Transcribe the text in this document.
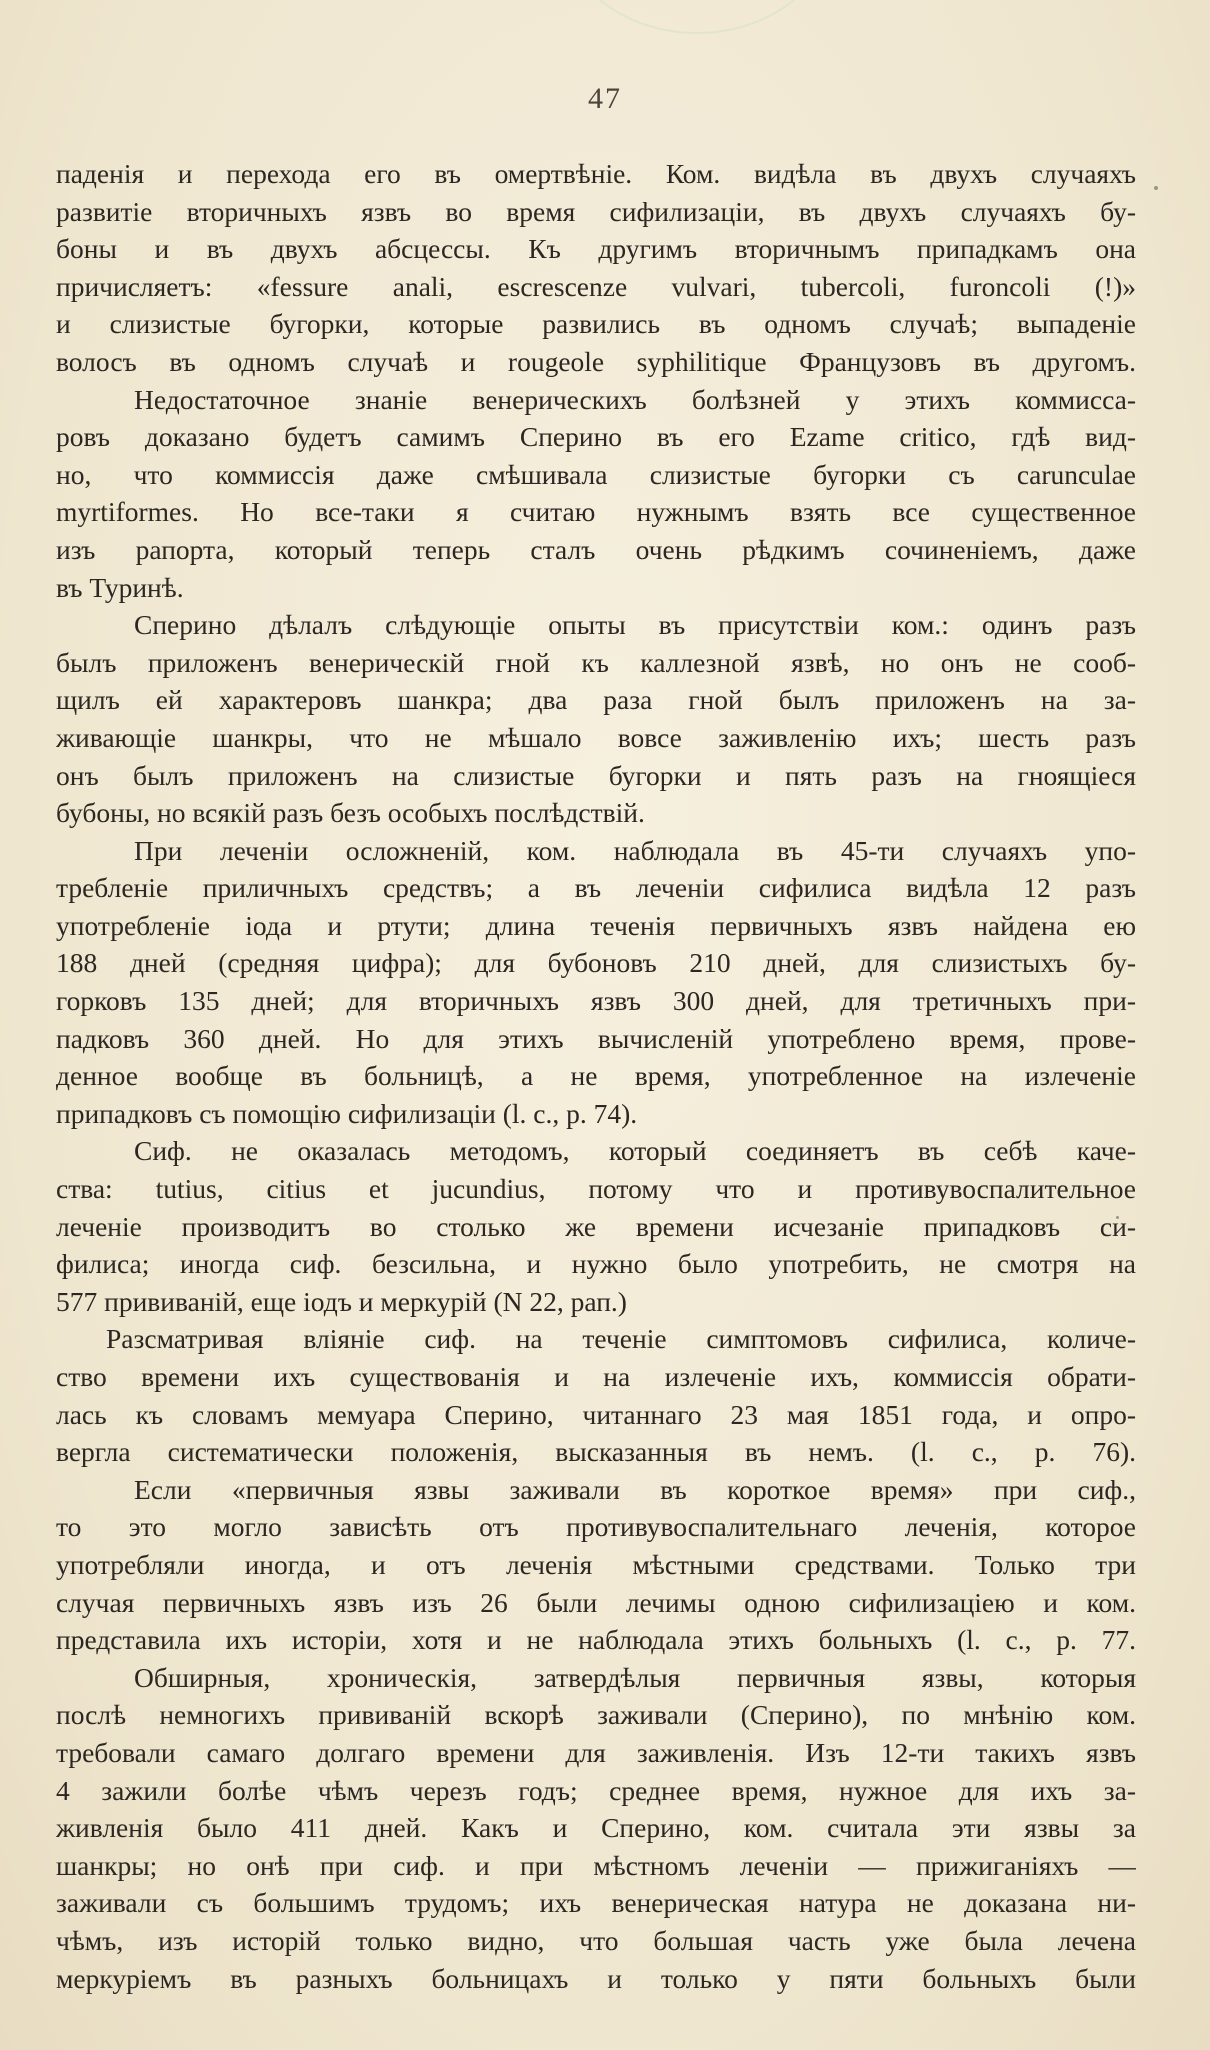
47
паденія и перехода его въ омертвѣніе. Ком. видѣла въ двухъ случаяхъ
развитіе вторичныхъ язвъ во время сифилизаціи, въ двухъ случаяхъ бу-
боны и въ двухъ абсцессы. Къ другимъ вторичнымъ припадкамъ она
причисляетъ: «fessure anali, escrescenze vulvari, tubercoli, furoncoli (!)»
и слизистые бугорки, которые развились въ одномъ случаѣ; выпаденіе
волосъ въ одномъ случаѣ и rougeole syphilitique Французовъ въ другомъ.
Недостаточное знаніе венерическихъ болѣзней у этихъ коммисса-
ровъ доказано будетъ самимъ Сперино въ его Ezame critico, гдѣ вид-
но, что коммиссія даже смѣшивала слизистые бугорки съ carunculae
myrtiformes. Но все-таки я считаю нужнымъ взять все существенное
изъ рапорта, который теперь сталъ очень рѣдкимъ сочиненіемъ, даже
въ Туринѣ.
Сперино дѣлалъ слѣдующіе опыты въ присутствіи ком.: одинъ разъ
былъ приложенъ венерическій гной къ каллезной язвѣ, но онъ не сооб-
щилъ ей характеровъ шанкра; два раза гной былъ приложенъ на за-
живающіе шанкры, что не мѣшало вовсе заживленію ихъ; шесть разъ
онъ былъ приложенъ на слизистые бугорки и пять разъ на гноящіеся
бубоны, но всякій разъ безъ особыхъ послѣдствій.
При леченіи осложненій, ком. наблюдала въ 45-ти случаяхъ упо-
требленіе приличныхъ средствъ; а въ леченіи сифилиса видѣла 12 разъ
употребленіе іода и ртути; длина теченія первичныхъ язвъ найдена ею
188 дней (средняя цифра); для бубоновъ 210 дней, для слизистыхъ бу-
горковъ 135 дней; для вторичныхъ язвъ 300 дней, для третичныхъ при-
падковъ 360 дней. Но для этихъ вычисленій употреблено время, прове-
денное вообще въ больницѣ, а не время, употребленное на излеченіе
припадковъ съ помощію сифилизаціи (l. c., p. 74).
Сиф. не оказалась методомъ, который соединяетъ въ себѣ каче-
ства: tutius, citius et jucundius, потому что и противувоспалительное
леченіе производитъ во столько же времени исчезаніе припадковъ си-
филиса; иногда сиф. безсильна, и нужно было употребить, не смотря на
577 прививаній, еще іодъ и меркурій (N 22, рап.)
Разсматривая вліяніе сиф. на теченіе симптомовъ сифилиса, количе-
ство времени ихъ существованія и на излеченіе ихъ, коммиссія обрати-
лась къ словамъ мемуара Сперино, читаннаго 23 мая 1851 года, и опро-
вергла систематически положенія, высказанныя въ немъ. (l. c., p. 76).
Если «первичныя язвы заживали въ короткое время» при сиф.,
то это могло зависѣть отъ противувоспалительнаго леченія, которое
употребляли иногда, и отъ леченія мѣстными средствами. Только три
случая первичныхъ язвъ изъ 26 были лечимы одною сифилизаціею и ком.
представила ихъ исторіи, хотя и не наблюдала этихъ больныхъ (l. c., p. 77.
Обширныя, хроническія, затвердѣлыя первичныя язвы, которыя
послѣ немногихъ прививаній вскорѣ заживали (Сперино), по мнѣнію ком.
требовали самаго долгаго времени для заживленія. Изъ 12-ти такихъ язвъ
4 зажили болѣе чѣмъ черезъ годъ; среднее время, нужное для ихъ за-
живленія было 411 дней. Какъ и Сперино, ком. считала эти язвы за
шанкры; но онѣ при сиф. и при мѣстномъ леченіи — прижиганіяхъ —
заживали съ большимъ трудомъ; ихъ венерическая натура не доказана ни-
чѣмъ, изъ исторій только видно, что большая часть уже была лечена
меркуріемъ въ разныхъ больницахъ и только у пяти больныхъ были
